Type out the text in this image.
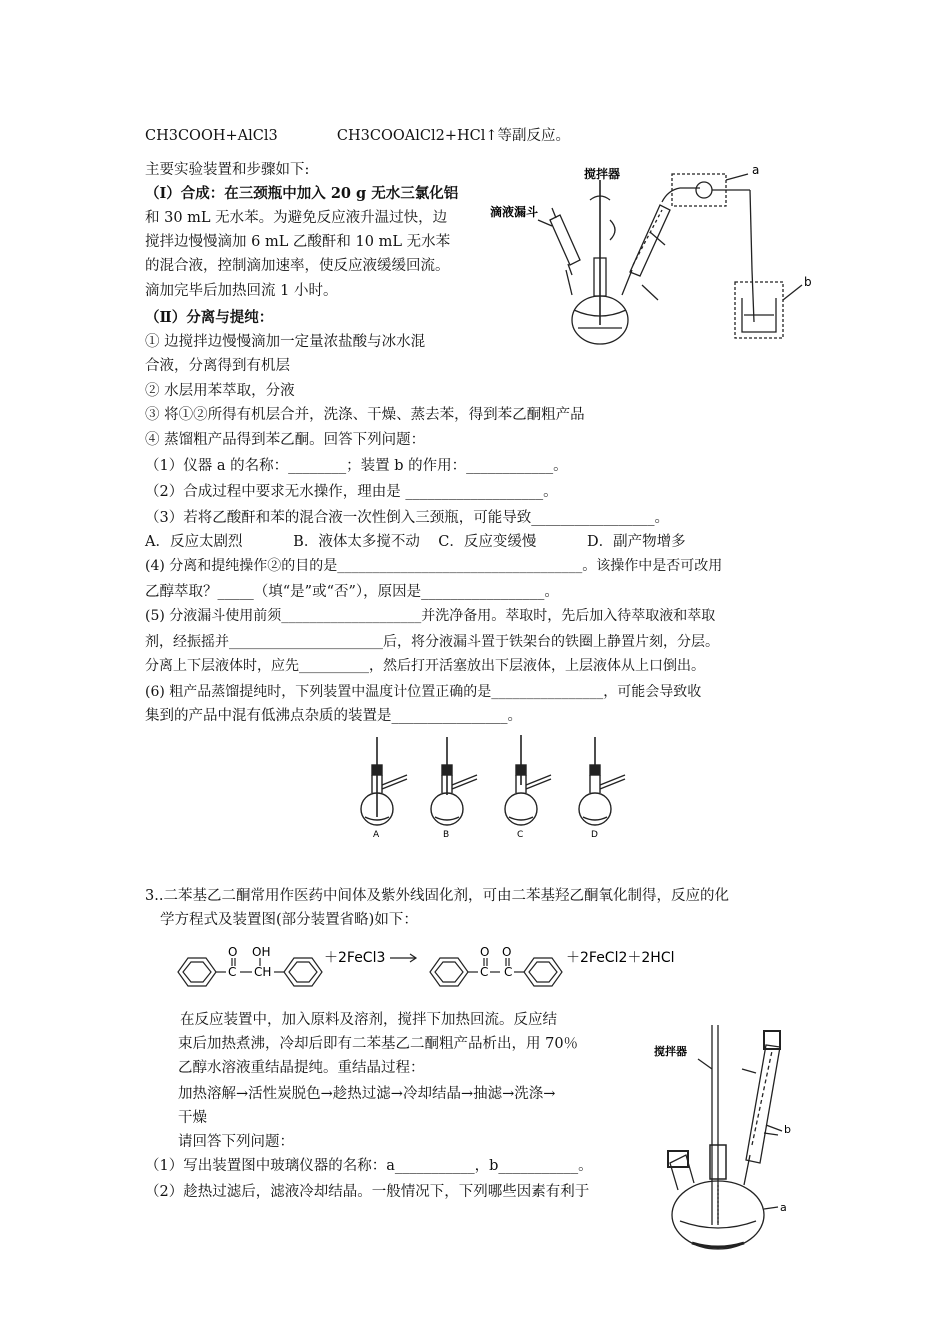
CH3COOH+AlCl3	CH3COOAlCl2+HCl↑等副反应。
主要实验装置和步骤如下:
（I）合成：在三颈瓶中加入 20 g 无水三氯化铝
和 30 mL 无水苯。为避免反应液升温过快，边
搅拌边慢慢滴加 6 mL 乙酸酐和 10 mL 无水苯
的混合液，控制滴加速率，使反应液缓缓回流。
滴加完毕后加热回流 1 小时。
（Ⅱ）分离与提纯：
① 边搅拌边慢慢滴加一定量浓盐酸与冰水混
合液，分离得到有机层
② 水层用苯萃取，分液
③ 将①②所得有机层合并，洗涤、干燥、蒸去苯，得到苯乙酮粗产品
④ 蒸馏粗产品得到苯乙酮。回答下列问题：
（1）仪器 a 的名称：________；装置 b 的作用：____________。
（2）合成过程中要求无水操作，理由是 ___________________。
（3）若将乙酸酐和苯的混合液一次性倒入三颈瓶，可能导致_________________。
A．反应太剧烈           B．液体太多搅不动    C．反应变缓慢           D．副产物增多
(4) 分离和提纯操作②的目的是___________________________________。该操作中是否可改用
乙醇萃取？_____（填“是”或“否”），原因是_________________。
(5) 分液漏斗使用前须____________________并洗净备用。萃取时，先后加入待萃取液和萃取
剂，经振摇并______________________后，将分液漏斗置于铁架台的铁圈上静置片刻，分层。
分离上下层液体时，应先__________，然后打开活塞放出下层液体，上层液体从上口倒出。
(6) 粗产品蒸馏提纯时，下列装置中温度计位置正确的是________________，可能会导致收
集到的产品中混有低沸点杂质的装置是________________。
搅拌器
滴液漏斗
a
b
A	B	C	D
3..二苯基乙二酮常用作医药中间体及紫外线固化剂，可由二苯基羟乙酮氧化制得，反应的化
学方程式及装置图(部分装置省略)如下：
O OH
C CH
O O
C C
＋2FeCl3	＋2FeCl2＋2HCl
在反应装置中，加入原料及溶剂，搅拌下加热回流。反应结
束后加热煮沸，冷却后即有二苯基乙二酮粗产品析出，用 70％
乙醇水溶液重结晶提纯。重结晶过程：
加热溶解→活性炭脱色→趁热过滤→冷却结晶→抽滤→洗涤→
干燥
请回答下列问题：
（1）写出装置图中玻璃仪器的名称：a___________，b___________。
（2）趁热过滤后，滤液冷却结晶。一般情况下，下列哪些因素有利于
搅拌器
b
a
